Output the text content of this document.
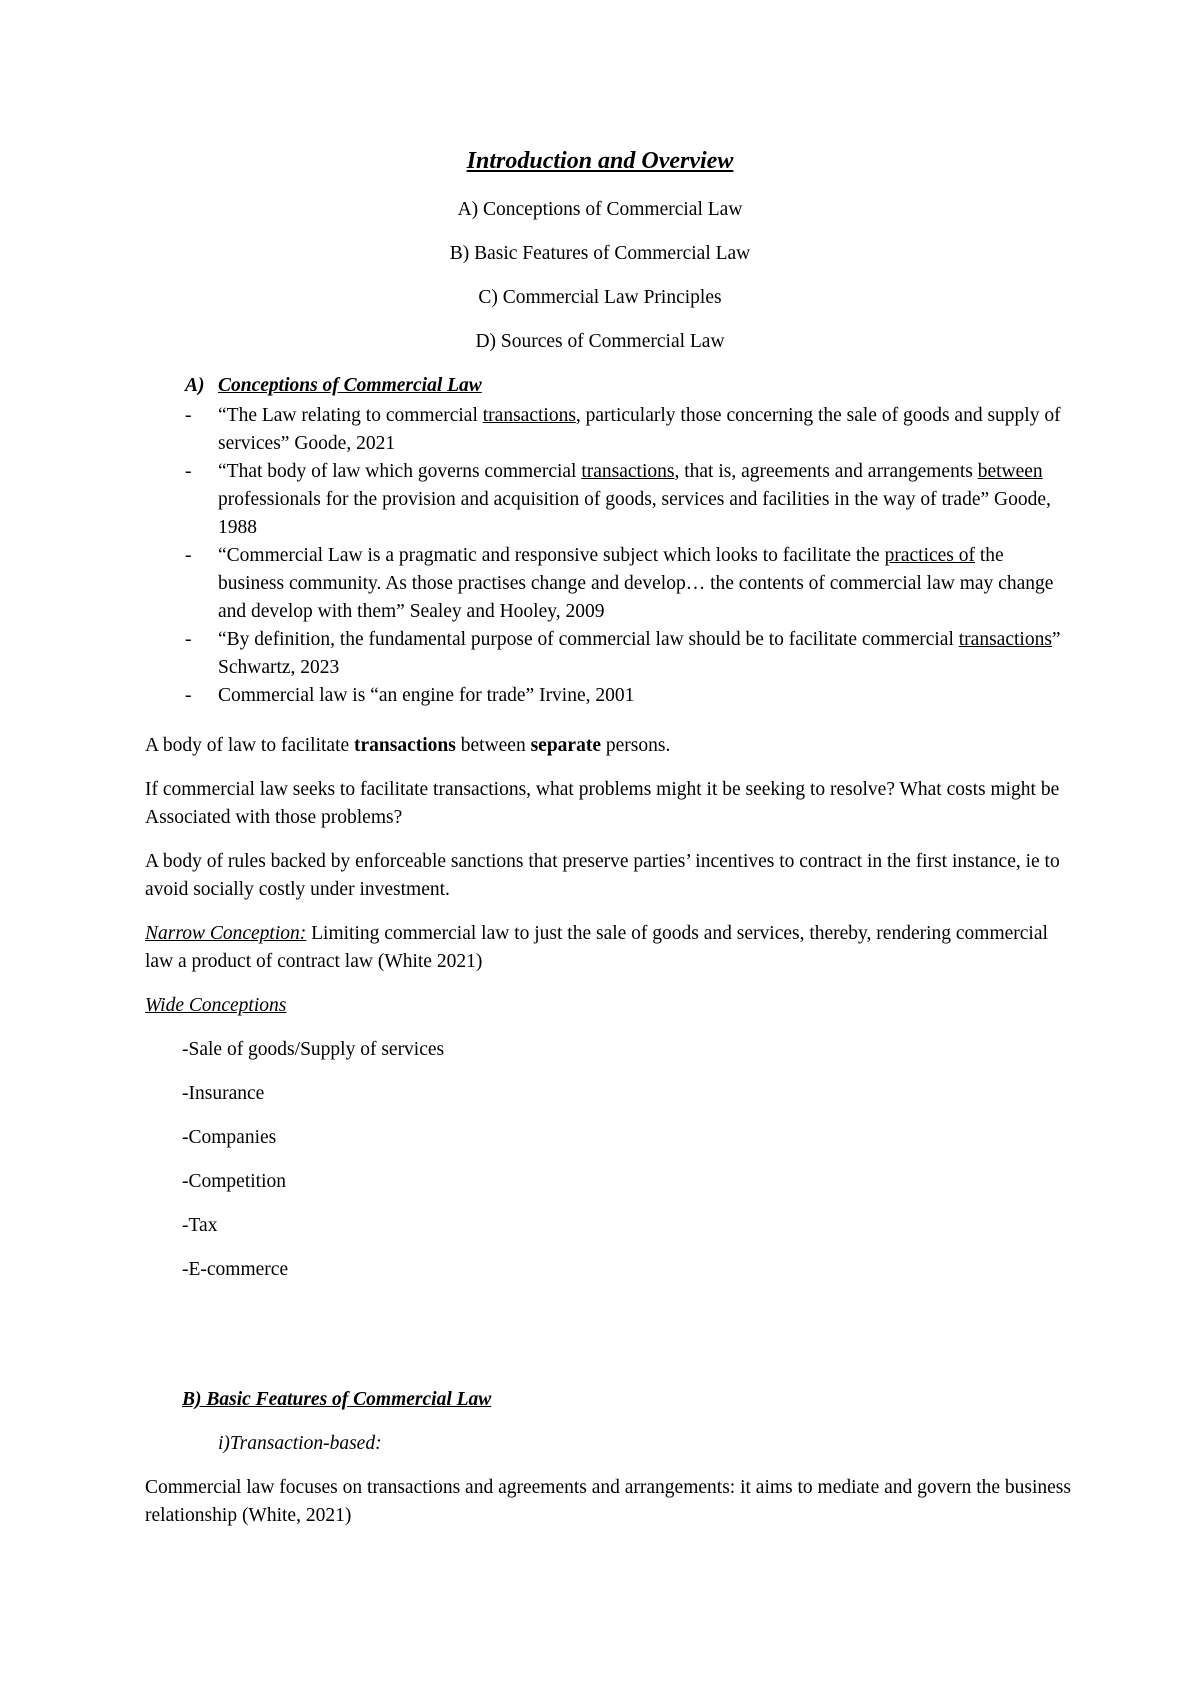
Introduction and Overview
A) Conceptions of Commercial Law
B) Basic Features of Commercial Law
C) Commercial Law Principles
D) Sources of Commercial Law
A) Conceptions of Commercial Law
- “The Law relating to commercial transactions, particularly those concerning the sale of goods and supply of services” Goode, 2021
- “That body of law which governs commercial transactions, that is, agreements and arrangements between professionals for the provision and acquisition of goods, services and facilities in the way of trade” Goode, 1988
- “Commercial Law is a pragmatic and responsive subject which looks to facilitate the practices of the business community. As those practises change and develop… the contents of commercial law may change and develop with them” Sealey and Hooley, 2009
- “By definition, the fundamental purpose of commercial law should be to facilitate commercial transactions” Schwartz, 2023
- Commercial law is “an engine for trade” Irvine, 2001
A body of law to facilitate transactions between separate persons.
If commercial law seeks to facilitate transactions, what problems might it be seeking to resolve? What costs might be Associated with those problems?
A body of rules backed by enforceable sanctions that preserve parties’ incentives to contract in the first instance, ie to avoid socially costly under investment.
Narrow Conception: Limiting commercial law to just the sale of goods and services, thereby, rendering commercial law a product of contract law (White 2021)
Wide Conceptions
-Sale of goods/Supply of services
-Insurance
-Companies
-Competition
-Tax
-E-commerce
B) Basic Features of Commercial Law
i)Transaction-based:
Commercial law focuses on transactions and agreements and arrangements: it aims to mediate and govern the business relationship (White, 2021)
